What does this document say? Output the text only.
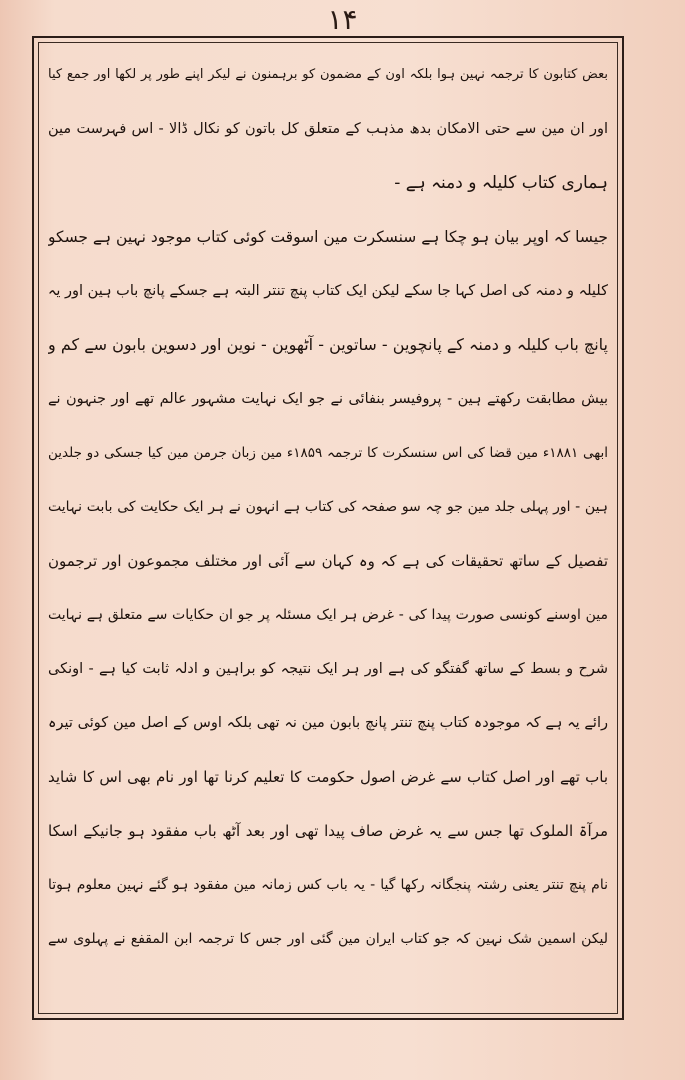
۱۴
بعض کتابون کا ترجمہ نہین ہوا بلکہ اون کے مضمون کو برہمنون نے لیکر اپنے طور پر لکھا اور جمع کیا
اور ان مین سے حتی الامکان بدھ مذہب کے متعلق کل باتون کو نکال ڈالا - اس فہرست مین
ہماری کتاب کلیلہ و دمنہ ہے -
جیسا کہ اوپر بیان ہو چکا ہے سنسکرت مین اسوقت کوئی کتاب موجود نہین ہے جسکو
کلیلہ و دمنہ کی اصل کہا جا سکے لیکن ایک کتاب پنچ تنتر البتہ ہے جسکے پانچ باب ہین اور یہ
پانچ باب کلیلہ و دمنہ کے پانچوین - ساتوین - آٹھوین - نوین اور دسوین بابون سے کم و
بیش مطابقت رکھتے ہین - پروفیسر بنفائی نے جو ایک نہایت مشہور عالم تھے اور جنہون نے
ابھی ۱۸۸۱ء مین قضا کی اس سنسکرت کا ترجمہ ۱۸۵۹ء مین زبان جرمن مین کیا جسکی دو جلدین
ہین - اور پہلی جلد مین جو چہ سو صفحہ کی کتاب ہے انہون نے ہر ایک حکایت کی بابت نہایت
تفصیل کے ساتھ تحقیقات کی ہے کہ وہ کہان سے آئی اور مختلف مجموعون اور ترجمون
مین اوسنے کونسی صورت پیدا کی - غرض ہر ایک مسئلہ پر جو ان حکایات سے متعلق ہے نہایت
شرح و بسط کے ساتھ گفتگو کی ہے اور ہر ایک نتیجہ کو براہین و ادلہ ثابت کیا ہے - اونکی
رائے یہ ہے کہ موجودہ کتاب پنچ تنتر پانچ بابون مین نہ تھی بلکہ اوس کے اصل مین کوئی تیرہ
باب تھے اور اصل کتاب سے غرض اصول حکومت کا تعلیم کرنا تھا اور نام بھی اس کا شاید
مرآۃ الملوک تھا جس سے یہ غرض صاف پیدا تھی اور بعد آٹھ باب مفقود ہو جانیکے اسکا
نام پنچ تنتر یعنی رشتہ پنجگانہ رکھا گیا - یہ باب کس زمانہ مین مفقود ہو گئے نہین معلوم ہوتا
لیکن اسمین شک نہین کہ جو کتاب ایران مین گئی اور جس کا ترجمہ ابن المقفع نے پہلوی سے
